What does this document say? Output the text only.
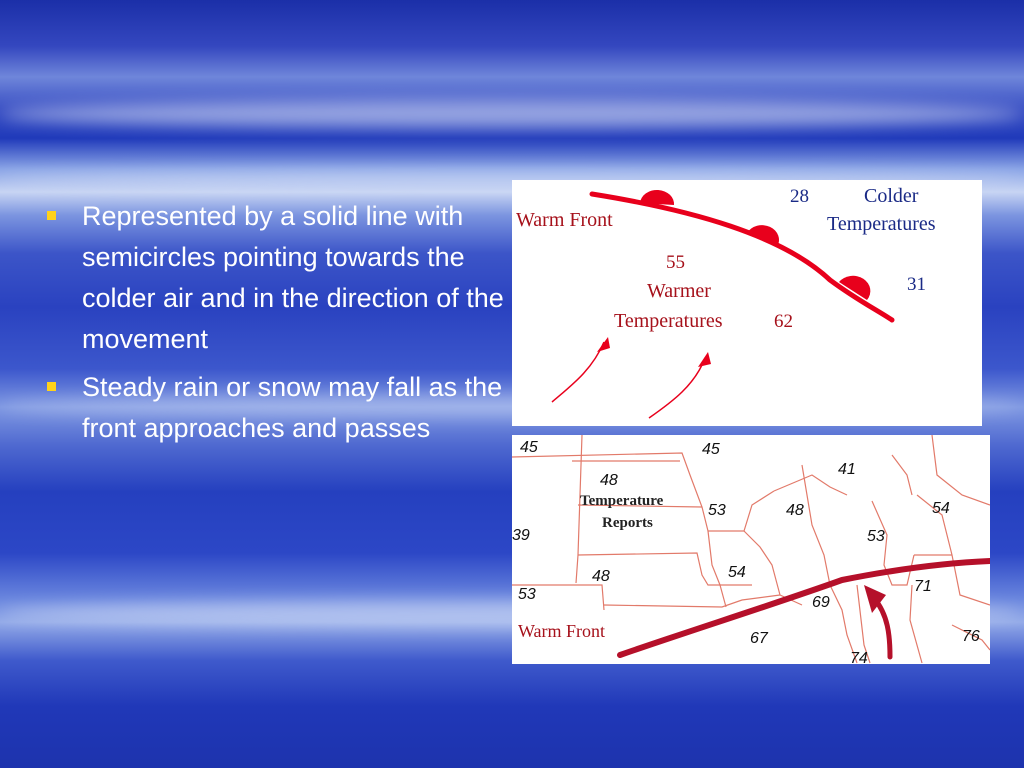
Represented by a solid line with semicircles pointing towards the colder air and in the direction of the movement
Steady rain or snow may fall as the front approaches and passes
Warm Front
28	Colder
Temperatures
31
55
Warmer
Temperatures	62
Temperature
Reports
Warm Front
45	45
41
48
53	48	54
53
39
48	54
53	71
69
67	76
74
